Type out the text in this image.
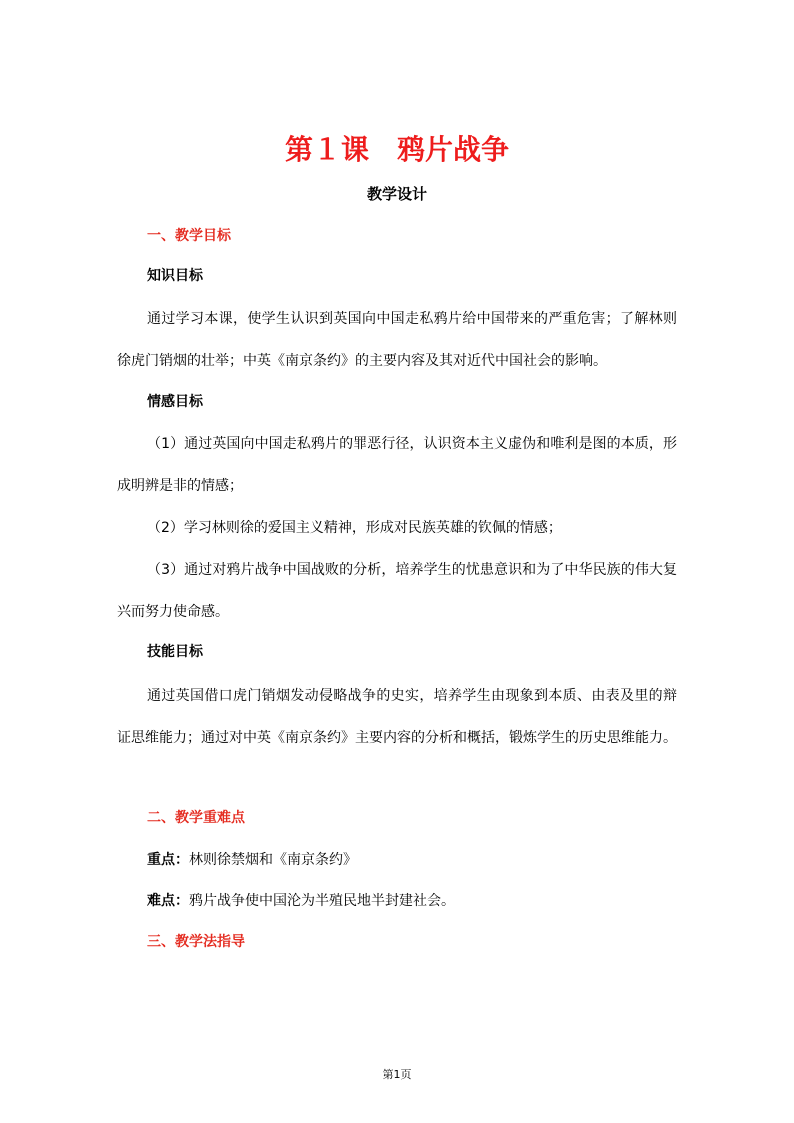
第１课　鸦片战争
教学设计
一、教学目标
知识目标
通过学习本课，使学生认识到英国向中国走私鸦片给中国带来的严重危害；了解林则徐虎门销烟的壮举；中英《南京条约》的主要内容及其对近代中国社会的影响。
情感目标
（1）通过英国向中国走私鸦片的罪恶行径，认识资本主义虚伪和唯利是图的本质，形成明辨是非的情感；
（2）学习林则徐的爱国主义精神，形成对民族英雄的钦佩的情感；
（3）通过对鸦片战争中国战败的分析，培养学生的忧患意识和为了中华民族的伟大复兴而努力使命感。
技能目标
通过英国借口虎门销烟发动侵略战争的史实，培养学生由现象到本质、由表及里的辩证思维能力；通过对中英《南京条约》主要内容的分析和概括，锻炼学生的历史思维能力。
二、教学重难点
重点：林则徐禁烟和《南京条约》
难点：鸦片战争使中国沦为半殖民地半封建社会。
三、教学法指导
第1页
